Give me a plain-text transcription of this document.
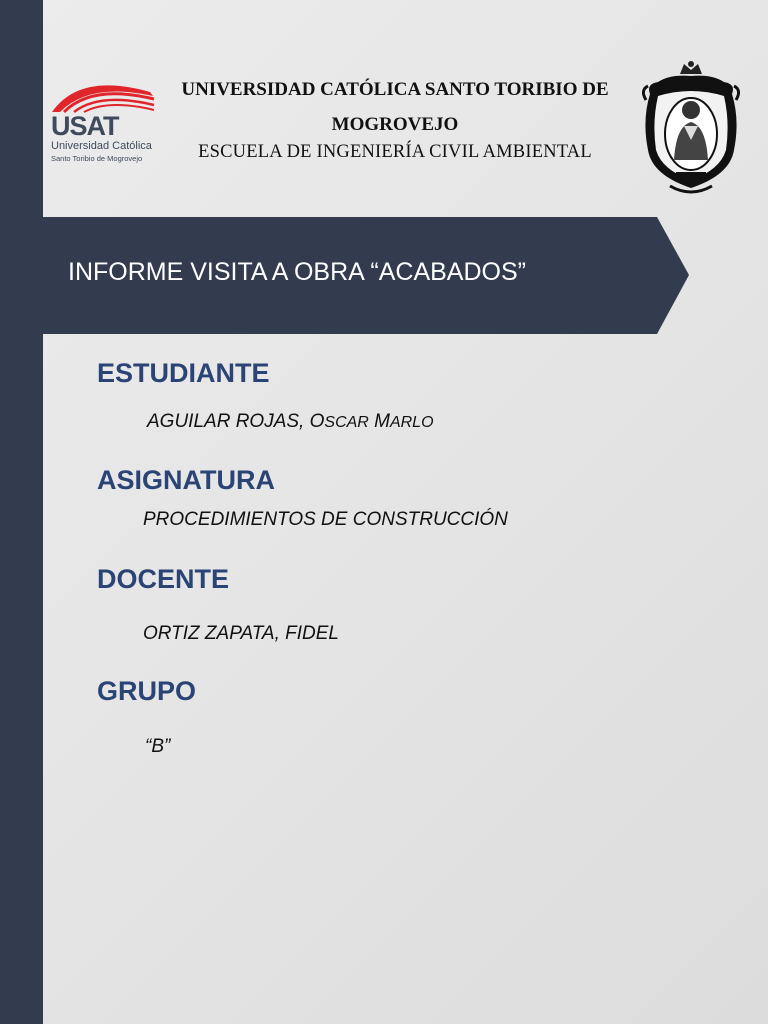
USAT
Universidad Católica
Santo Toribio de Mogrovejo
UNIVERSIDAD CATÓLICA SANTO TORIBIO DE
MOGROVEJO
ESCUELA DE INGENIERÍA CIVIL AMBIENTAL
INFORME VISITA A OBRA “ACABADOS”
ESTUDIANTE
AGUILAR ROJAS, OSCAR MARLO
ASIGNATURA
PROCEDIMIENTOS DE CONSTRUCCIÓN
DOCENTE
ORTIZ ZAPATA, FIDEL
GRUPO
“B”
